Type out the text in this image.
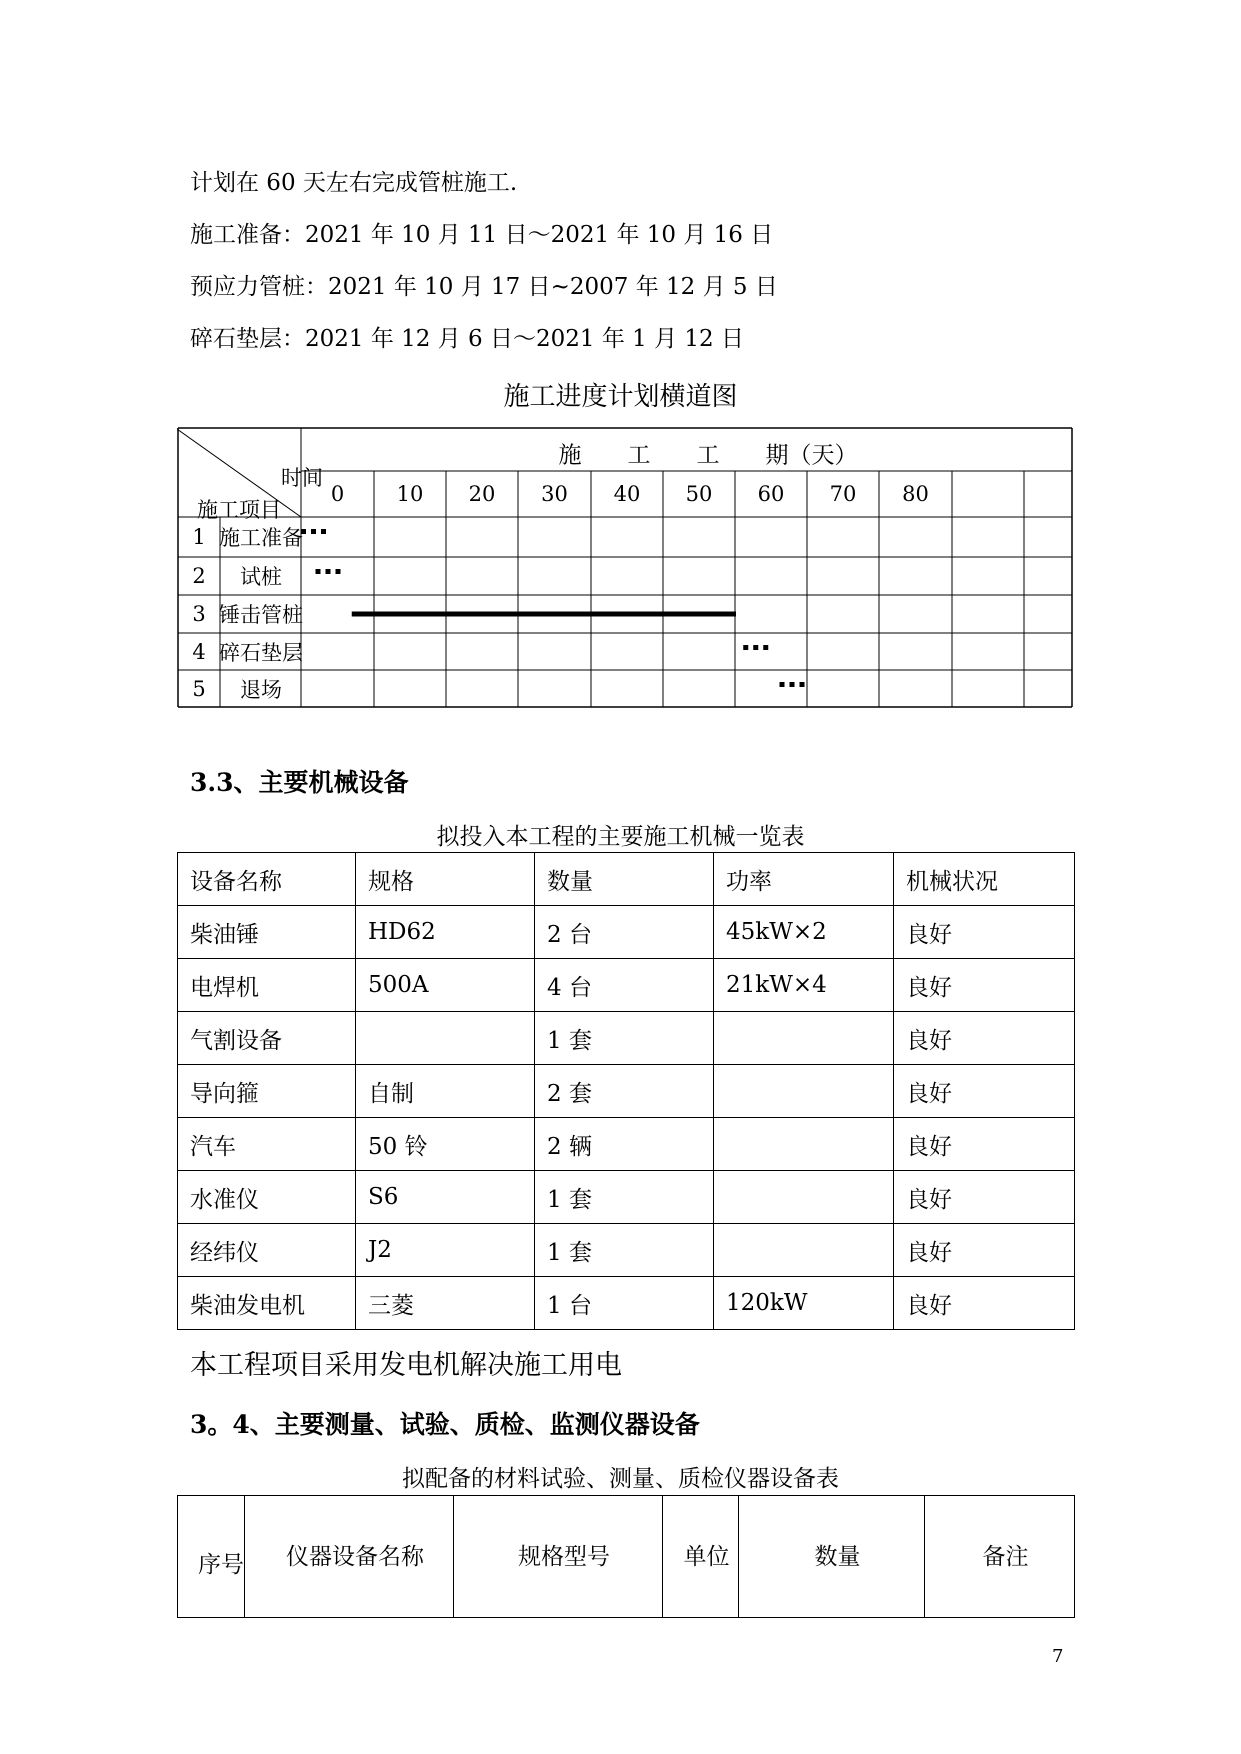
计划在 60 天左右完成管桩施工.
施工准备：2021 年 10 月 11 日～2021 年 10 月 16 日
预应力管桩：2021 年 10 月 17 日~2007 年 12 月 5 日
碎石垫层：2021 年 12 月 6 日～2021 年 1 月 12 日
施工进度计划横道图
时间
施工项目
施　　工　　工　　期（天）
0 10 20 30 40 50 60 70 80
1 施工准备
2 试桩
3 锤击管桩
4 碎石垫层
5 退场
3.3、主要机械设备
拟投入本工程的主要施工机械一览表
设备名称	规格	数量	功率	机械状况
柴油锤	HD62	2 台	45kW×2	良好
电焊机	500A	4 台	21kW×4	良好
气割设备		1 套		良好
导向箍	自制	2 套		良好
汽车	50 铃	2 辆		良好
水准仪	S6	1 套		良好
经纬仪	J2	1 套		良好
柴油发电机	三菱	1 台	120kW	良好
本工程项目采用发电机解决施工用电
3。4、主要测量、试验、质检、监测仪器设备
拟配备的材料试验、测量、质检仪器设备表
序号	仪器设备名称	规格型号	单位	数量	备注
7
